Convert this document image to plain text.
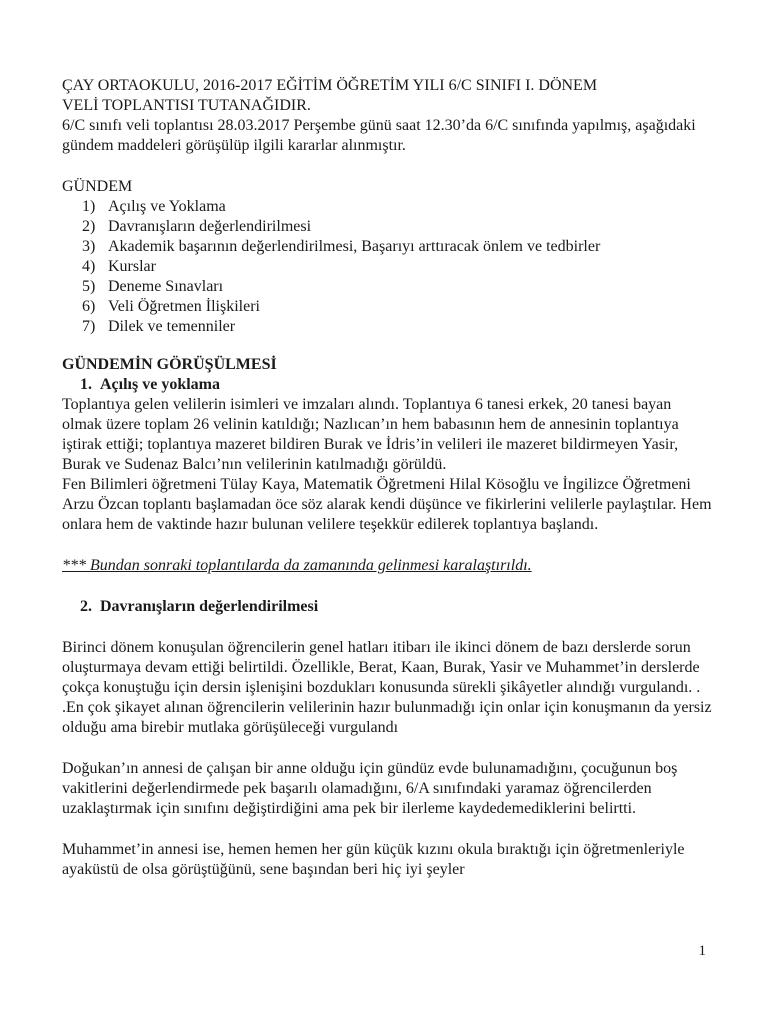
ÇAY ORTAOKULU, 2016-2017 EĞİTİM ÖĞRETİM YILI 6/C SINIFI I. DÖNEM

VELİ TOPLANTISI TUTANAĞIDIR.

6/C sınıfı veli toplantısı 28.03.2017 Perşembe günü saat 12.30’da 6/C sınıfında yapılmış, aşağıdaki gündem maddeleri görüşülüp ilgili kararlar alınmıştır.

GÜNDEM

1) Açılış ve Yoklama
2) Davranışların değerlendirilmesi
3) Akademik başarının değerlendirilmesi, Başarıyı arttıracak önlem ve tedbirler
4) Kurslar
5) Deneme Sınavları
6) Veli Öğretmen İlişkileri
7) Dilek ve temenniler

GÜNDEMİN GÖRÜŞÜLMESİ

1. Açılış ve yoklama

Toplantıya gelen velilerin isimleri ve imzaları alındı. Toplantıya 6 tanesi erkek, 20 tanesi bayan olmak üzere toplam 26 velinin katıldığı; Nazlıcan’ın hem babasının hem de annesinin toplantıya iştirak ettiği; toplantıya mazeret bildiren Burak ve İdris’in velileri ile mazeret bildirmeyen Yasir, Burak ve Sudenaz Balcı’nın velilerinin katılmadığı görüldü.

Fen Bilimleri öğretmeni Tülay Kaya, Matematik Öğretmeni Hilal Kösoğlu ve İngilizce Öğretmeni Arzu Özcan toplantı başlamadan öce söz alarak kendi düşünce ve fikirlerini velilerle paylaştılar. Hem onlara hem de vaktinde hazır bulunan velilere teşekkür edilerek toplantıya başlandı.

*** Bundan sonraki toplantılarda da zamanında gelinmesi karalaştırıldı.

2. Davranışların değerlendirilmesi

Birinci dönem konuşulan öğrencilerin genel hatları itibarı ile ikinci dönem de bazı derslerde sorun oluşturmaya devam ettiği belirtildi. Özellikle, Berat, Kaan, Burak, Yasir ve Muhammet’in derslerde çokça konuştuğu için dersin işlenişini bozdukları konusunda sürekli şikâyetler alındığı vurgulandı. . .En çok şikayet alınan öğrencilerin velilerinin hazır bulunmadığı için onlar için konuşmanın da yersiz olduğu ama birebir mutlaka görüşüleceği vurgulandı

Doğukan’ın annesi de çalışan bir anne olduğu için gündüz evde bulunamadığını, çocuğunun boş vakitlerini değerlendirmede pek başarılı olamadığını, 6/A sınıfındaki yaramaz öğrencilerden uzaklaştırmak için sınıfını değiştirdiğini ama pek bir ilerleme kaydedemediklerini belirtti.

Muhammet’in annesi ise, hemen hemen her gün küçük kızını okula bıraktığı için öğretmenleriyle ayaküstü de olsa görüştüğünü, sene başından beri hiç iyi şeyler

1
